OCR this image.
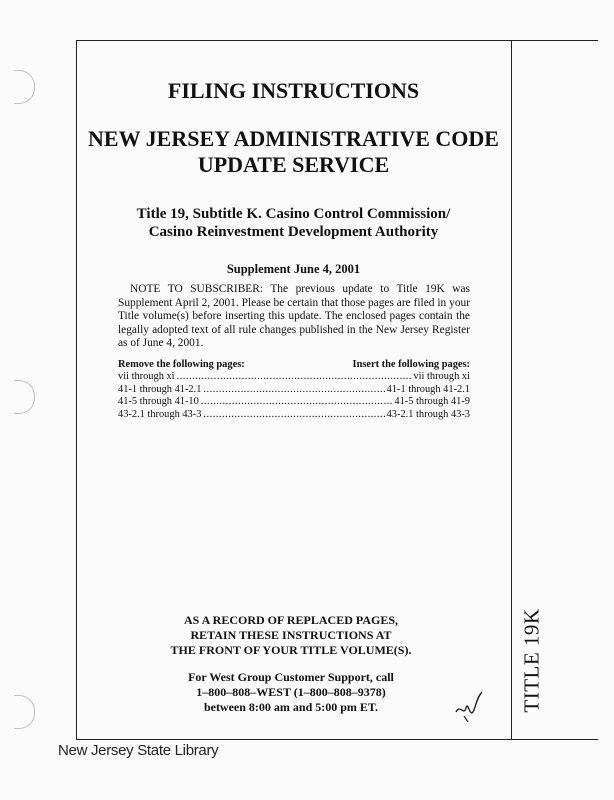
FILING INSTRUCTIONS
NEW JERSEY ADMINISTRATIVE CODE
UPDATE SERVICE
Title 19, Subtitle K. Casino Control Commission/
Casino Reinvestment Development Authority
Supplement June 4, 2001
NOTE TO SUBSCRIBER: The previous update to Title 19K was Supplement April 2, 2001. Please be certain that those pages are filed in your Title volume(s) before inserting this update. The enclosed pages contain the legally adopted text of all rule changes published in the New Jersey Register as of June 4, 2001.
Remove the following pages:	Insert the following pages:
vii through xi .....	vii through xi
41-1 through 41-2.1 .....	41-1 through 41-2.1
41-5 through 41-10 .....	41-5 through 41-9
43-2.1 through 43-3 .....	43-2.1 through 43-3
AS A RECORD OF REPLACED PAGES,
RETAIN THESE INSTRUCTIONS AT
THE FRONT OF YOUR TITLE VOLUME(S).
For West Group Customer Support, call
1–800–808–WEST (1–800–808–9378)
between 8:00 am and 5:00 pm ET.	TITLE 19K
New Jersey State Library
